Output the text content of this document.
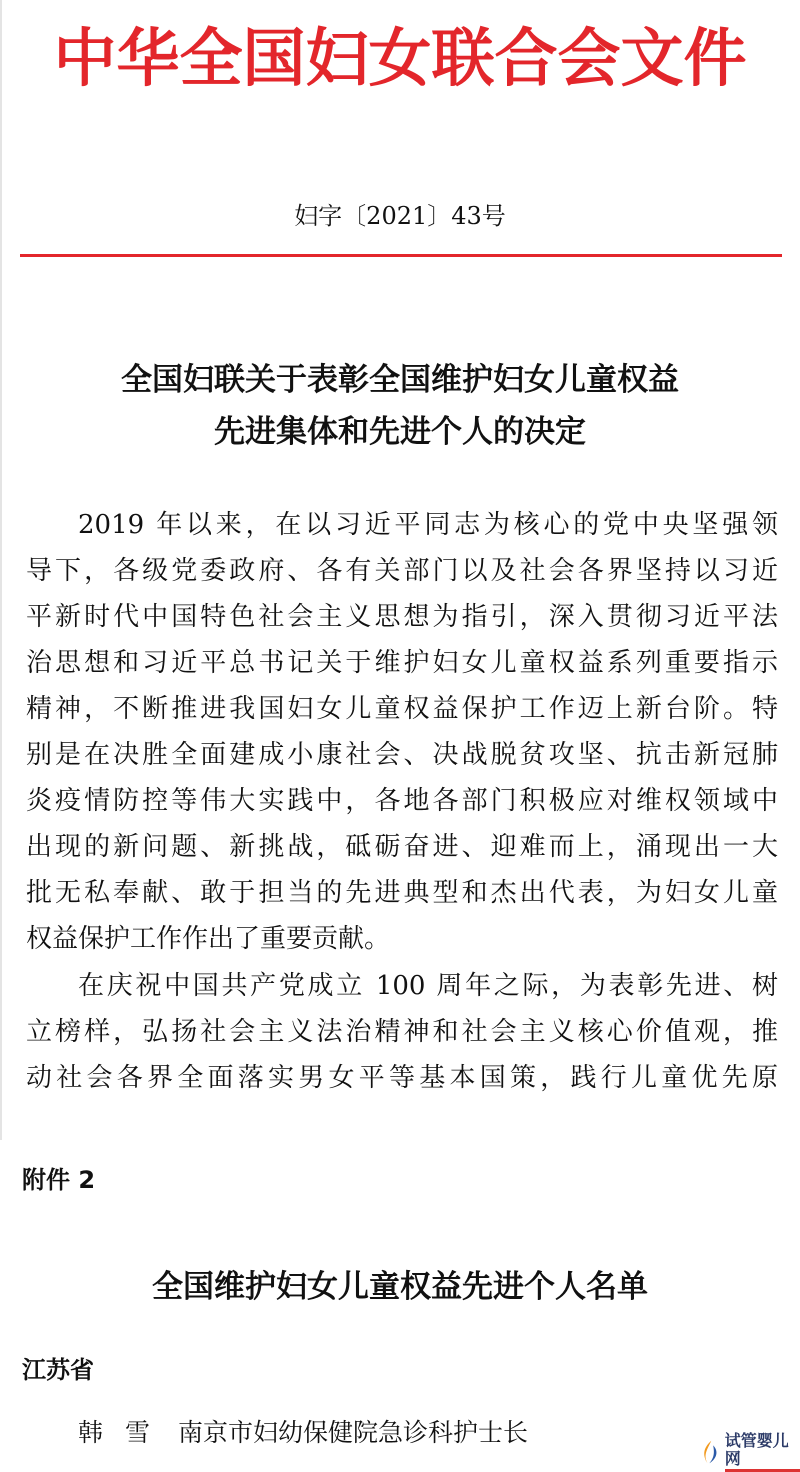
中华全国妇女联合会文件
妇字〔2021〕43号
全国妇联关于表彰全国维护妇女儿童权益
先进集体和先进个人的决定
2019 年以来，在以习近平同志为核心的党中央坚强领
导下，各级党委政府、各有关部门以及社会各界坚持以习近
平新时代中国特色社会主义思想为指引，深入贯彻习近平法
治思想和习近平总书记关于维护妇女儿童权益系列重要指示
精神，不断推进我国妇女儿童权益保护工作迈上新台阶。特
别是在决胜全面建成小康社会、决战脱贫攻坚、抗击新冠肺
炎疫情防控等伟大实践中，各地各部门积极应对维权领域中
出现的新问题、新挑战，砥砺奋进、迎难而上，涌现出一大
批无私奉献、敢于担当的先进典型和杰出代表，为妇女儿童
权益保护工作作出了重要贡献。
在庆祝中国共产党成立 100 周年之际，为表彰先进、树
立榜样，弘扬社会主义法治精神和社会主义核心价值观，推
动社会各界全面落实男女平等基本国策，践行儿童优先原
附件 2
全国维护妇女儿童权益先进个人名单
江苏省
韩雪 南京市妇幼保健院急诊科护士长	试管婴儿网
